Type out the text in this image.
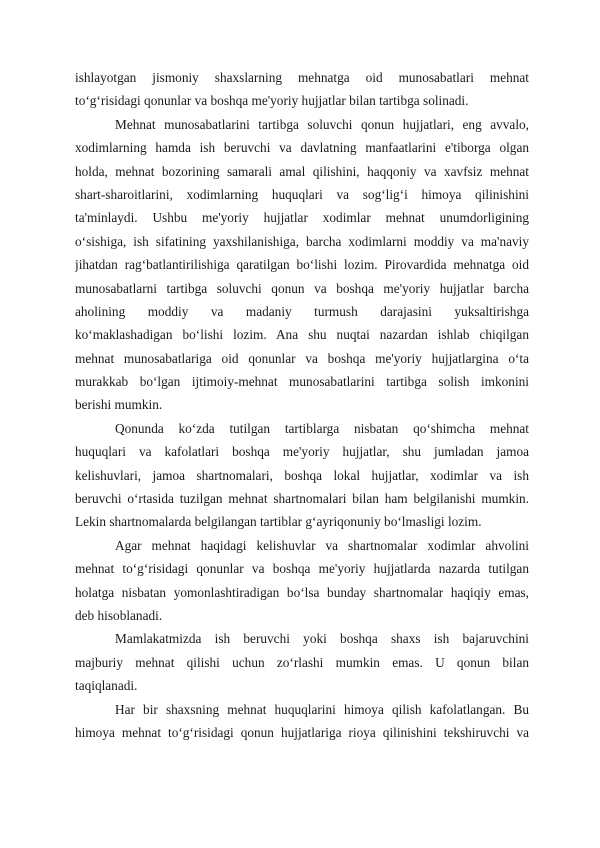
ishlayotgan jismoniy shaxslarning mehnatga oid munosabatlari mehnat
to‘g‘risidagi qonunlar va boshqa me'yoriy hujjatlar bilan tartibga solinadi.
Mehnat munosabatlarini tartibga soluvchi qonun hujjatlari, eng avvalo,
xodimlarning hamda ish beruvchi va davlatning manfaatlarini e'tiborga olgan
holda, mehnat bozorining samarali amal qilishini, haqqoniy va xavfsiz mehnat
shart-sharoitlarini, xodimlarning huquqlari va sog‘lig‘i himoya qilinishini
ta'minlaydi. Ushbu me'yoriy hujjatlar xodimlar mehnat unumdorligining
o‘sishiga, ish sifatining yaxshilanishiga, barcha xodimlarni moddiy va ma'naviy
jihatdan rag‘batlantirilishiga qaratilgan bo‘lishi lozim. Pirovardida mehnatga oid
munosabatlarni tartibga soluvchi qonun va boshqa me'yoriy hujjatlar barcha
aholining moddiy va madaniy turmush darajasini yuksaltirishga
ko‘maklashadigan bo‘lishi lozim. Ana shu nuqtai nazardan ishlab chiqilgan
mehnat munosabatlariga oid qonunlar va boshqa me'yoriy hujjatlargina o‘ta
murakkab bo‘lgan ijtimoiy-mehnat munosabatlarini tartibga solish imkonini
berishi mumkin.
Qonunda ko‘zda tutilgan tartiblarga nisbatan qo‘shimcha mehnat
huquqlari va kafolatlari boshqa me'yoriy hujjatlar, shu jumladan jamoa
kelishuvlari, jamoa shartnomalari, boshqa lokal hujjatlar, xodimlar va ish
beruvchi o‘rtasida tuzilgan mehnat shartnomalari bilan ham belgilanishi mumkin.
Lekin shartnomalarda belgilangan tartiblar g‘ayriqonuniy bo‘lmasligi lozim.
Agar mehnat haqidagi kelishuvlar va shartnomalar xodimlar ahvolini
mehnat to‘g‘risidagi qonunlar va boshqa me'yoriy hujjatlarda nazarda tutilgan
holatga nisbatan yomonlashtiradigan bo‘lsa bunday shartnomalar haqiqiy emas,
deb hisoblanadi.
Mamlakatmizda ish beruvchi yoki boshqa shaxs ish bajaruvchini
majburiy mehnat qilishi uchun zo‘rlashi mumkin emas. U qonun bilan
taqiqlanadi.
Har bir shaxsning mehnat huquqlarini himoya qilish kafolatlangan. Bu
himoya mehnat to‘g‘risidagi qonun hujjatlariga rioya qilinishini tekshiruvchi va
